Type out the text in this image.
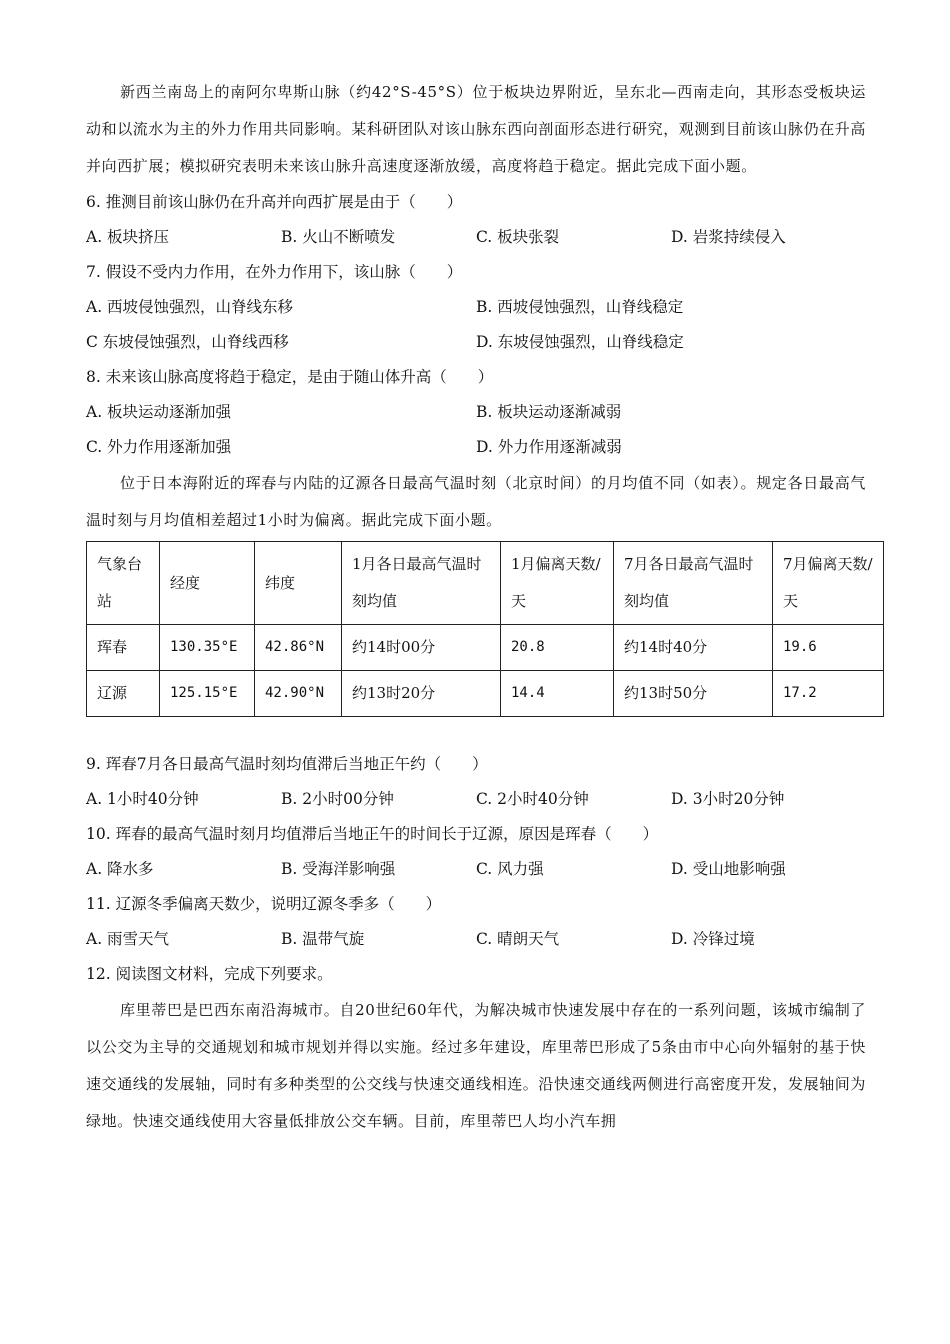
新西兰南岛上的南阿尔卑斯山脉（约42°S-45°S）位于板块边界附近，呈东北—西南走向，其形态受板块运动和以流水为主的外力作用共同影响。某科研团队对该山脉东西向剖面形态进行研究，观测到目前该山脉仍在升高并向西扩展；模拟研究表明未来该山脉升高速度逐渐放缓，高度将趋于稳定。据此完成下面小题。

6. 推测目前该山脉仍在升高并向西扩展是由于（　　）

A. 板块挤压	B. 火山不断喷发	C. 板块张裂	D. 岩浆持续侵入

7. 假设不受内力作用，在外力作用下，该山脉（　　）

A. 西坡侵蚀强烈，山脊线东移	B. 西坡侵蚀强烈，山脊线稳定
C 东坡侵蚀强烈，山脊线西移	D. 东坡侵蚀强烈，山脊线稳定

8. 未来该山脉高度将趋于稳定，是由于随山体升高（　　）

A. 板块运动逐渐加强	B. 板块运动逐渐减弱
C. 外力作用逐渐加强	D. 外力作用逐渐减弱

位于日本海附近的珲春与内陆的辽源各日最高气温时刻（北京时间）的月均值不同（如表）。规定各日最高气温时刻与月均值相差超过1小时为偏离。据此完成下面小题。

气象台站	经度	纬度	1月各日最高气温时刻均值	1月偏离天数/天	7月各日最高气温时刻均值	7月偏离天数/天
珲春	130.35°E	42.86°N	约14时00分	20.8	约14时40分	19.6
辽源	125.15°E	42.90°N	约13时20分	14.4	约13时50分	17.2

9. 珲春7月各日最高气温时刻均值滞后当地正午约（　　）

A. 1小时40分钟	B. 2小时00分钟	C. 2小时40分钟	D. 3小时20分钟

10. 珲春的最高气温时刻月均值滞后当地正午的时间长于辽源，原因是珲春（　　）

A. 降水多	B. 受海洋影响强	C. 风力强	D. 受山地影响强

11. 辽源冬季偏离天数少，说明辽源冬季多（　　）

A. 雨雪天气	B. 温带气旋	C. 晴朗天气	D. 冷锋过境

12. 阅读图文材料，完成下列要求。

库里蒂巴是巴西东南沿海城市。自20世纪60年代，为解决城市快速发展中存在的一系列问题，该城市编制了以公交为主导的交通规划和城市规划并得以实施。经过多年建设，库里蒂巴形成了5条由市中心向外辐射的基于快速交通线的发展轴，同时有多种类型的公交线与快速交通线相连。沿快速交通线两侧进行高密度开发，发展轴间为绿地。快速交通线使用大容量低排放公交车辆。目前，库里蒂巴人均小汽车拥
